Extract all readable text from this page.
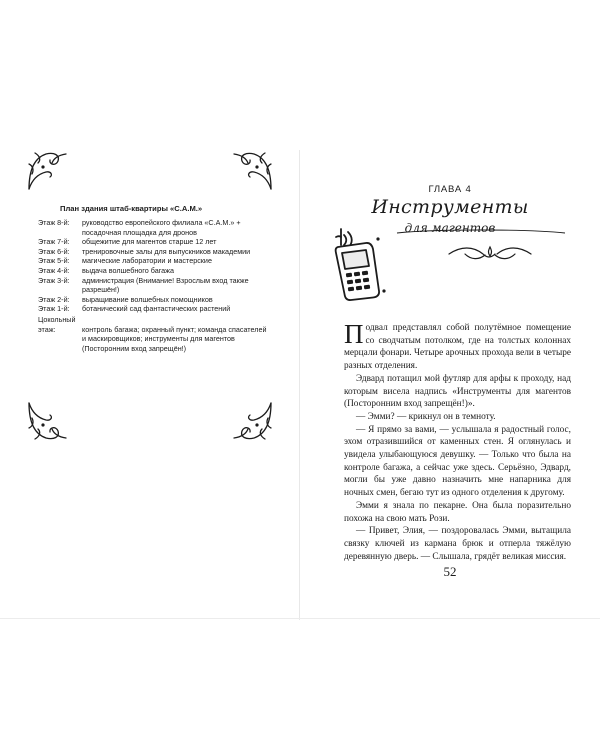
План здания штаб-квартиры «С.А.М.»
Этаж 8-й:	руководство европейского филиала «С.А.М.» + посадочная площадка для дронов
Этаж 7-й:	общежитие для магентов старше 12 лет
Этаж 6-й:	тренировочные залы для выпускников макадемии
Этаж 5-й:	магические лаборатории и мастерские
Этаж 4-й:	выдача волшебного багажа
Этаж 3-й:	администрация (Внимание! Взрослым вход также разрешён!)
Этаж 2-й:	выращивание волшебных помощников
Этаж 1-й:	ботанический сад фантастических растений
Цокольный
этаж:	контроль багажа; охранный пункт; команда спасателей и маскировщиков; инструменты для магентов (Посторонним вход запрещён!)
ГЛАВА 4
Инструменты
для магентов

Подвал представлял собой полутёмное помещение со сводчатым потолком, где на толстых колоннах мерцали фонари. Четыре арочных прохода вели в четыре разных отделения.

Эдвард потащил мой футляр для арфы к проходу, над которым висела надпись «Инструменты для магентов (Посторонним вход запрещён!)».

— Эмми? — крикнул он в темноту.

— Я прямо за вами, — услышала я радостный голос, эхом отразившийся от каменных стен. Я оглянулась и увидела улыбающуюся девушку. — Только что была на контроле багажа, а сейчас уже здесь. Серьёзно, Эдвард, могли бы уже давно назначить мне напарника для ночных смен, бегаю тут из одного отделения к другому.

Эмми я знала по пекарне. Она была поразительно похожа на свою мать Рози.

— Привет, Элия, — поздоровалась Эмми, вытащила связку ключей из кармана брюк и отперла тяжёлую деревянную дверь. — Слышала, грядёт великая миссия.

52
